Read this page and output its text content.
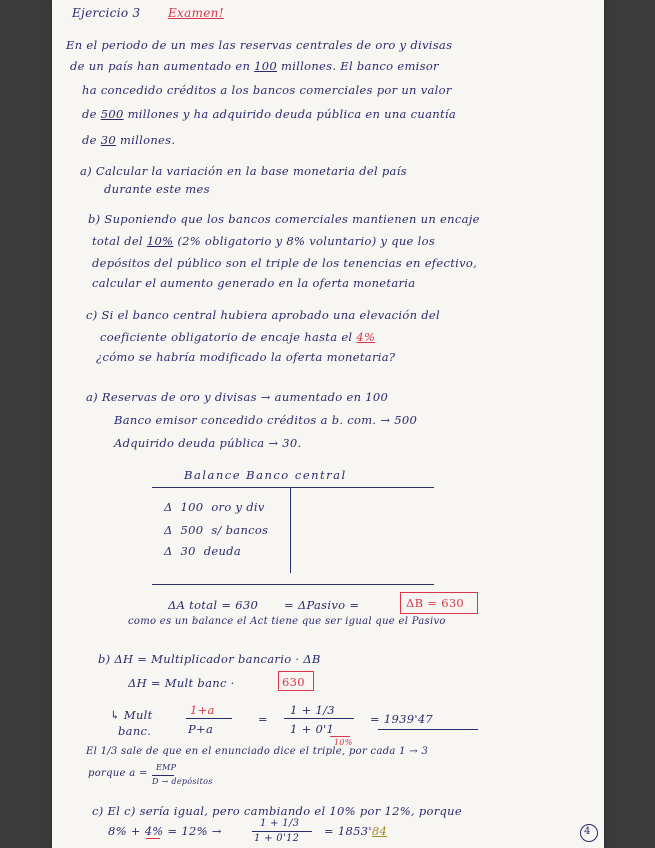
Ejercicio 3 Examen!
En el periodo de un mes las reservas centrales de oro y divisas
de un país han aumentado en 100 millones. El banco emisor
ha concedido créditos a los bancos comerciales por un valor
de 500 millones y ha adquirido deuda pública en una cuantía
de 30 millones.
a) Calcular la variación en la base monetaria del país
durante este mes
b) Suponiendo que los bancos comerciales mantienen un encaje
total del 10% (2% obligatorio y 8% voluntario) y que los
depósitos del público son el triple de los tenencias en efectivo,
calcular el aumento generado en la oferta monetaria
c) Si el banco central hubiera aprobado una elevación del
coeficiente obligatorio de encaje hasta el 4%
¿cómo se habría modificado la oferta monetaria?
a) Reservas de oro y divisas → aumentado en 100
Banco emisor concedido créditos a b. com. → 500
Adquirido deuda pública → 30.
Balance Banco central
Δ 100 oro y div
Δ 500 s/ bancos
Δ 30 deuda
ΔA total = 630 = ΔPasivo =	ΔB = 630
como es un balance el Act tiene que ser igual que el Pasivo
b) ΔH = Multiplicador bancario · ΔB
ΔH = Mult banc ·	630
↳ Mult
banc.
1+a
P+a
=
1 + 1/3
1 + 0'1
10%
= 1939'47
El 1/3 sale de que en el enunciado dice el triple, por cada 1 → 3
porque a =
EMP
D → depósitos
c) El c) sería igual, pero cambiando el 10% por 12%, porque
8% + 4% = 12% →
1 + 1/3
1 + 0'12
= 1853'84	4
